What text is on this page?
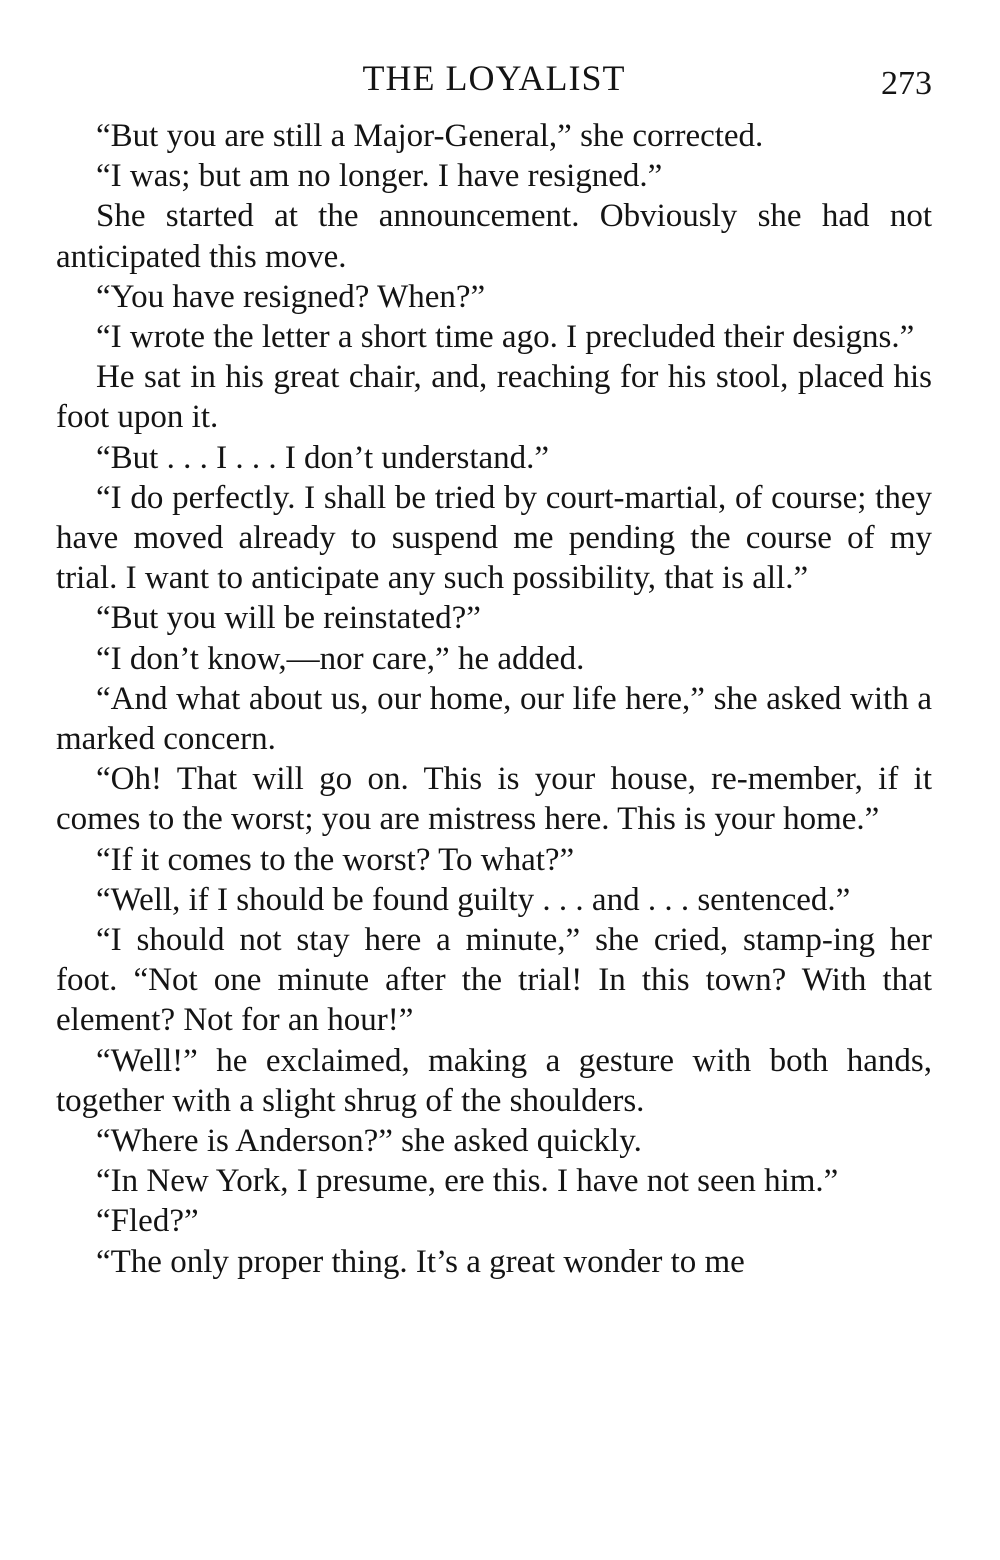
THE LOYALIST	273

“But you are still a Major-General,” she corrected.

“I was; but am no longer. I have resigned.”

She started at the announcement. Obviously she had not anticipated this move.

“You have resigned? When?”

“I wrote the letter a short time ago. I precluded their designs.”

He sat in his great chair, and, reaching for his stool, placed his foot upon it.

“But . . . I . . . I don’t understand.”

“I do perfectly. I shall be tried by court-martial, of course; they have moved already to suspend me pending the course of my trial. I want to anticipate any such possibility, that is all.”

“But you will be reinstated?”

“I don’t know,—nor care,” he added.

“And what about us, our home, our life here,” she asked with a marked concern.

“Oh! That will go on. This is your house, re-member, if it comes to the worst; you are mistress here. This is your home.”

“If it comes to the worst? To what?”

“Well, if I should be found guilty . . . and . . . sentenced.”

“I should not stay here a minute,” she cried, stamp-ing her foot. “Not one minute after the trial! In this town? With that element? Not for an hour!”

“Well!” he exclaimed, making a gesture with both hands, together with a slight shrug of the shoulders.

“Where is Anderson?” she asked quickly.

“In New York, I presume, ere this. I have not seen him.”

“Fled?”

“The only proper thing. It’s a great wonder to me
